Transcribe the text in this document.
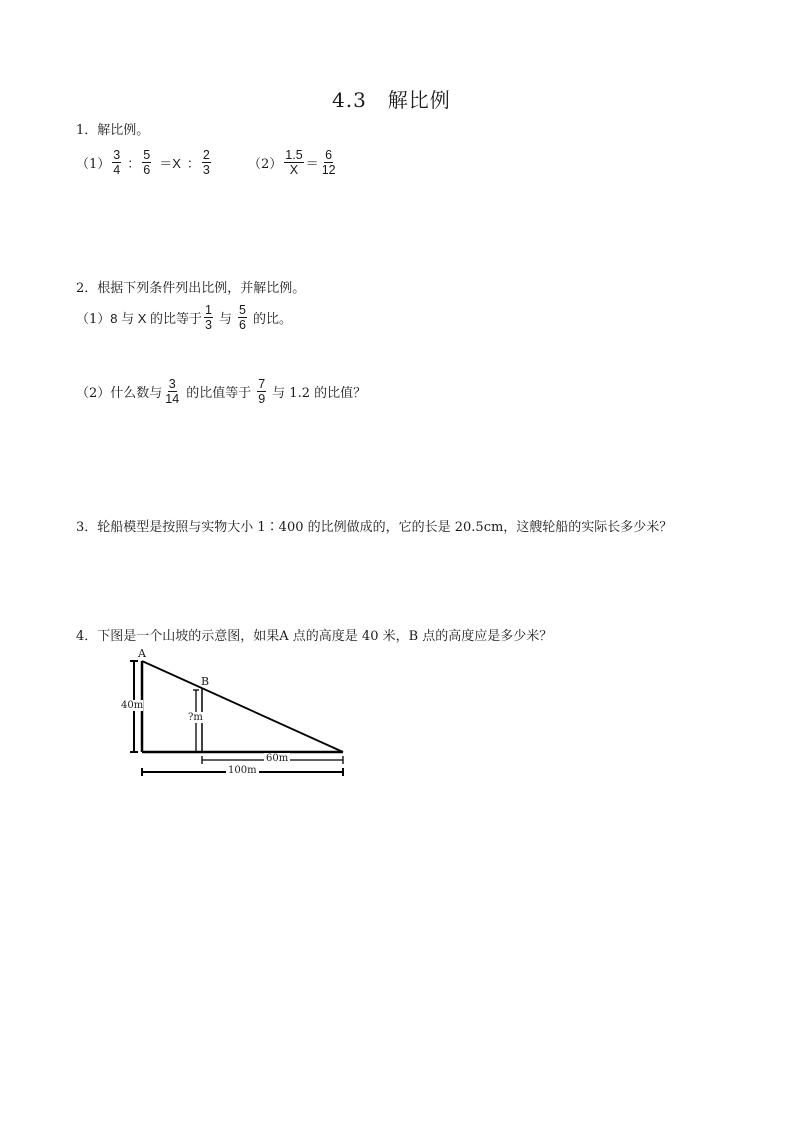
4.3　解比例
1．解比例。
$(1) \frac{3}{4}$ ： $\frac{5}{6} =X$ ： $\frac{2}{3}$	$(2) \frac{1.5}{X} = \frac{6}{12}$
2．根据下列条件列出比例，并解比例。
（1） 8 与 X 的比等于 $\frac{1}{3}$ 与 $\frac{5}{6}$ 的比。
（2） 什么数与 $\frac{3}{14}$ 的比值等于 $\frac{7}{9}$ 与 1.2 的比值？
3．轮船模型是按照与实物大小 1∶400 的比例做成的，它的长是 20.5cm，这艘轮船的实际长多少米？
4．下图是一个山坡的示意图，如果A 点的高度是 40 米，B 点的高度应是多少米？
A
B
40m
?m
60m
100m
